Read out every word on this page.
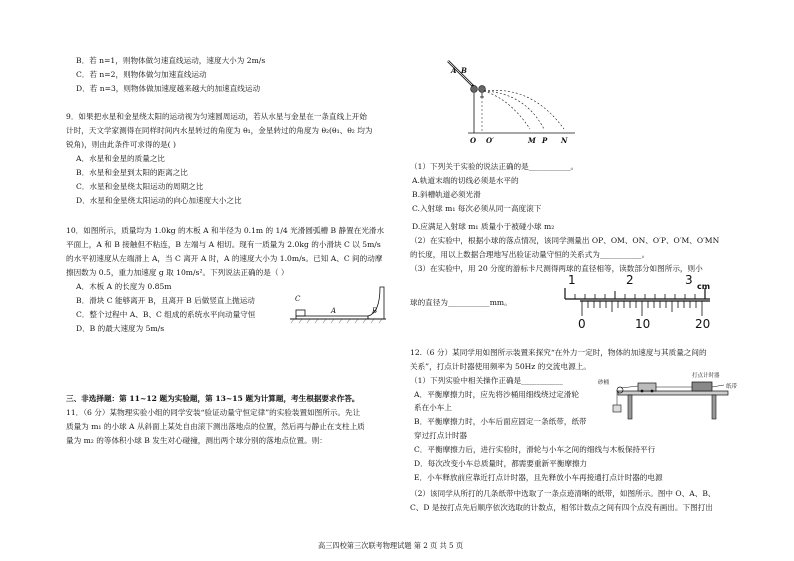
B．若 n=1，则物体做匀速直线运动，速度大小为 2m/s
C．若 n=2，则物体做匀加速直线运动
D．若 n=3，则物体做加速度越来越大的加速直线运动
9．如果把水星和金星绕太阳的运动视为匀速圆周运动，若从水星与金星在一条直线上开始
计时，天文学家测得在同样时间内水星转过的角度为 θ₁，金星转过的角度为 θ₂(θ₁、θ₂ 均为
锐角)，则由此条件可求得的是( )
A．水星和金星的质量之比
B．水星和金星到太阳的距离之比
C．水星和金星绕太阳运动的周期之比
D．水星和金星绕太阳运动的向心加速度大小之比
10．如图所示，质量均为 1.0kg 的木板 A 和半径为 0.1m 的 1/4 光滑圆弧槽 B 静置在光滑水
平面上，A 和 B 接触但不粘连，B 左端与 A 相切。现有一质量为 2.0kg 的小滑块 C 以 5m/s
的水平初速度从左端滑上 A，当 C 离开 A 时，A 的速度大小为 1.0m/s。已知 A、C 间的动摩
擦因数为 0.5，重力加速度 g 取 10m/s²。下列说法正确的是（ ）
A．木板 A 的长度为 0.85m
B．滑块 C 能够离开 B，且离开 B 后做竖直上抛运动
C．整个过程中 A、B、C 组成的系统水平向动量守恒
D．B 的最大速度为 5m/s
C
A	B
三、非选择题：第 11~12 题为实验题，第 13~15 题为计算题，考生根据要求作答。
11．（6 分）某物理实验小组的同学安装“验证动量守恒定律”的实验装置如图所示。先让
质量为 m₁ 的小球 A 从斜面上某处自由滚下测出落地点的位置，然后再与静止在支柱上质
量为 m₂ 的等体积小球 B 发生对心碰撞，测出两个球分别的落地点位置。则：
A B
O O′	M P N
（1）下列关于实验的说法正确的是___________。
A.轨道末端的切线必须是水平的
B.斜槽轨道必须光滑
C.入射球 m₁ 每次必须从同一高度滚下
D.应满足入射球 m₁ 质量小于被碰小球 m₂
（2）在实验中，根据小球的落点情况，该同学测量出 OP、OM、ON、O′P、O′M、O′MN
的长度，用以上数据合理地写出验证动量守恒的关系式为___________。
（3）在实验中，用 20 分度的游标卡尺测得两球的直径相等，读数部分如图所示，则小
球的直径为___________mm。
1	2	3 cm
0	10	20
12.（6 分）某同学用如图所示装置来探究“在外力一定时，物体的加速度与其质量之间的
关系”，打点计时器使用频率为 50Hz 的交流电源上。
（1）下列实验中相关操作正确是___________
A．平衡摩擦力时，应先将沙桶用细线绕过定滑轮
系在小车上
B．平衡摩擦力时，小车后面应固定一条纸带，纸带
穿过打点计时器
C．平衡摩擦力后，进行实验时，滑轮与小车之间的细线与木板保持平行
D．每次改变小车总质量时，都需要重新平衡摩擦力
E．小车释放前应靠近打点计时器，且先释放小车再接通打点计时器的电源
（2）该同学从所打的几条纸带中选取了一条点迹清晰的纸带，如图所示。图中 O、A、B、
C、D 是按打点先后顺序依次选取的计数点，相邻计数点之间有四个点没有画出。下图打出
打点计时器
纸带
砂桶
高三四校第三次联考物理试题 第 2 页 共 5 页
